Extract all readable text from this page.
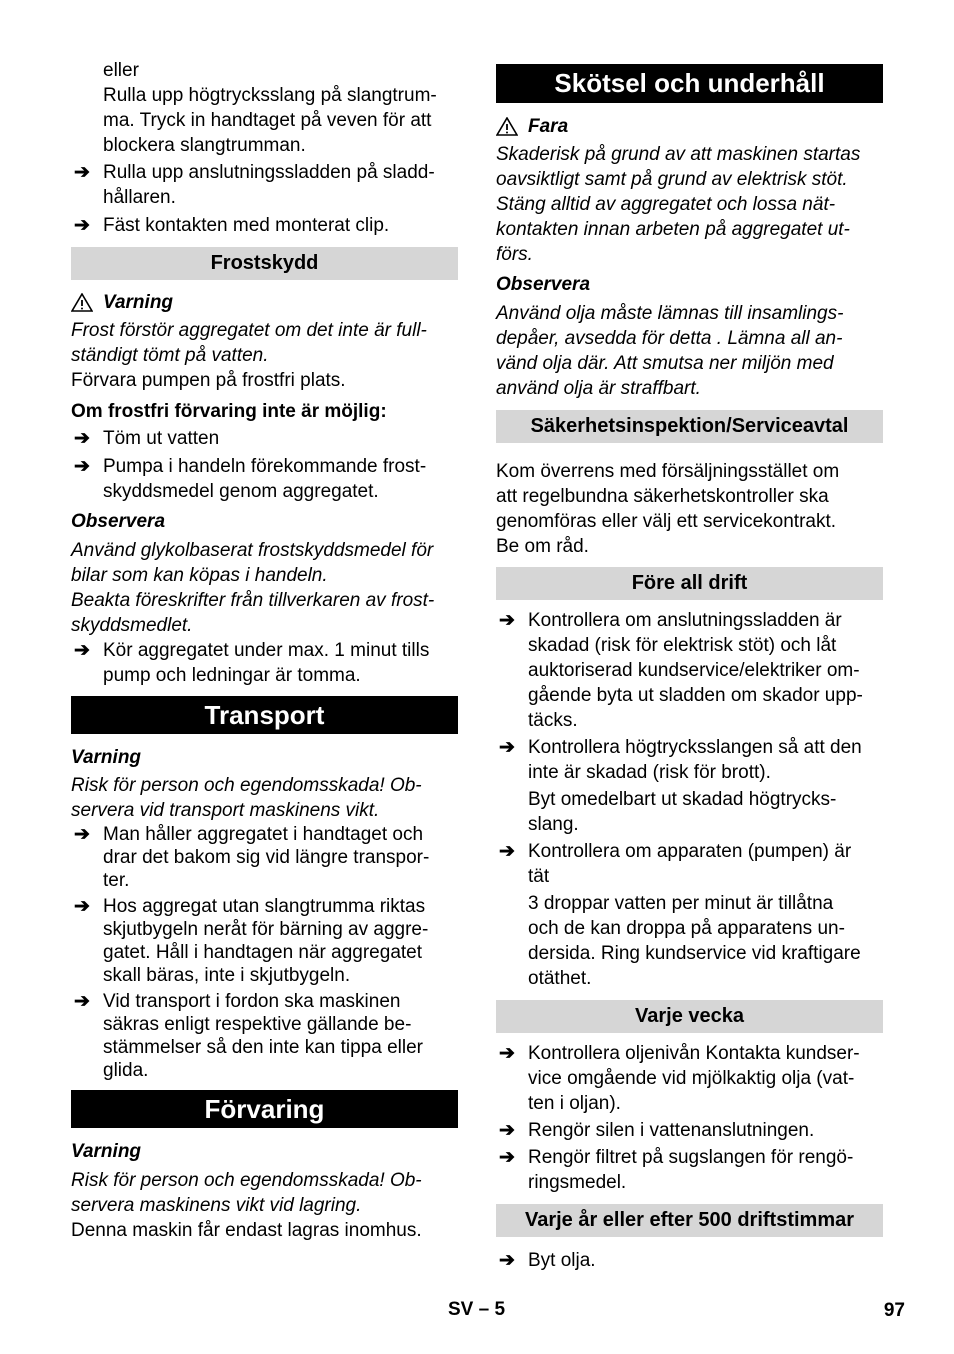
eller

Rulla upp högtrycksslang på slangtrum-
ma. Tryck in handtaget på veven för att
blockera slangtrumman.

➔ Rulla upp anslutningssladden på sladd-
hållaren.
➔ Fäst kontakten med monterat clip.
Frostskydd
Varning

Frost förstör aggregatet om det inte är full-
ständigt tömt på vatten.

Förvara pumpen på frostfri plats.

Om frostfri förvaring inte är möjlig:

➔ Töm ut vatten
➔ Pumpa i handeln förekommande frost-
skyddsmedel genom aggregatet.

Observera

Använd glykolbaserat frostskyddsmedel för
bilar som kan köpas i handeln.
Beakta föreskrifter från tillverkaren av frost-
skyddsmedlet.

➔ Kör aggregatet under max. 1 minut tills
pump och ledningar är tomma.
Transport

Varning

Risk för person och egendomsskada! Ob-
servera vid transport maskinens vikt.

➔ Man håller aggregatet i handtaget och
drar det bakom sig vid längre transpor-
ter.
➔ Hos aggregat utan slangtrumma riktas
skjutbygeln neråt för bärning av aggre-
gatet. Håll i handtagen när aggregatet
skall bäras, inte i skjutbygeln.
➔ Vid transport i fordon ska maskinen
säkras enligt respektive gällande be-
stämmelser så den inte kan tippa eller
glida.
Förvaring

Varning

Risk för person och egendomsskada! Ob-
servera maskinens vikt vid lagring.

Denna maskin får endast lagras inomhus.

Skötsel och underhåll
Fara

Skaderisk på grund av att maskinen startas
oavsiktligt samt på grund av elektrisk stöt.
Stäng alltid av aggregatet och lossa nät-
kontakten innan arbeten på aggregatet ut-
förs.

Observera

Använd olja måste lämnas till insamlings-
depåer, avsedda för detta . Lämna all an-
vänd olja där. Att smutsa ner miljön med
använd olja är straffbart.

Säkerhetsinspektion/Serviceavtal

Kom överrens med försäljningsstället om
att regelbundna säkerhetskontroller ska
genomföras eller välj ett servicekontrakt.
Be om råd.

Före all drift
➔ Kontrollera om anslutningssladden är
skadad (risk för elektrisk stöt) och låt
auktoriserad kundservice/elektriker om-
gående byta ut sladden om skador upp-
täcks.
➔ Kontrollera högtrycksslangen så att den
inte är skadad (risk för brott).

Byt omedelbart ut skadad högtrycks-
slang.

➔ Kontrollera om apparaten (pumpen) är
tät

3 droppar vatten per minut är tillåtna
och de kan droppa på apparatens un-
dersida. Ring kundservice vid kraftigare
otäthet.

Varje vecka
➔ Kontrollera oljenivån Kontakta kundser-
vice omgående vid mjölkaktig olja (vat-
ten i oljan).
➔ Rengör silen i vattenanslutningen.
➔ Rengör filtret på sugslangen för rengö-
ringsmedel.
Varje år eller efter 500 driftstimmar
➔ Byt olja.
SV – 5	97
